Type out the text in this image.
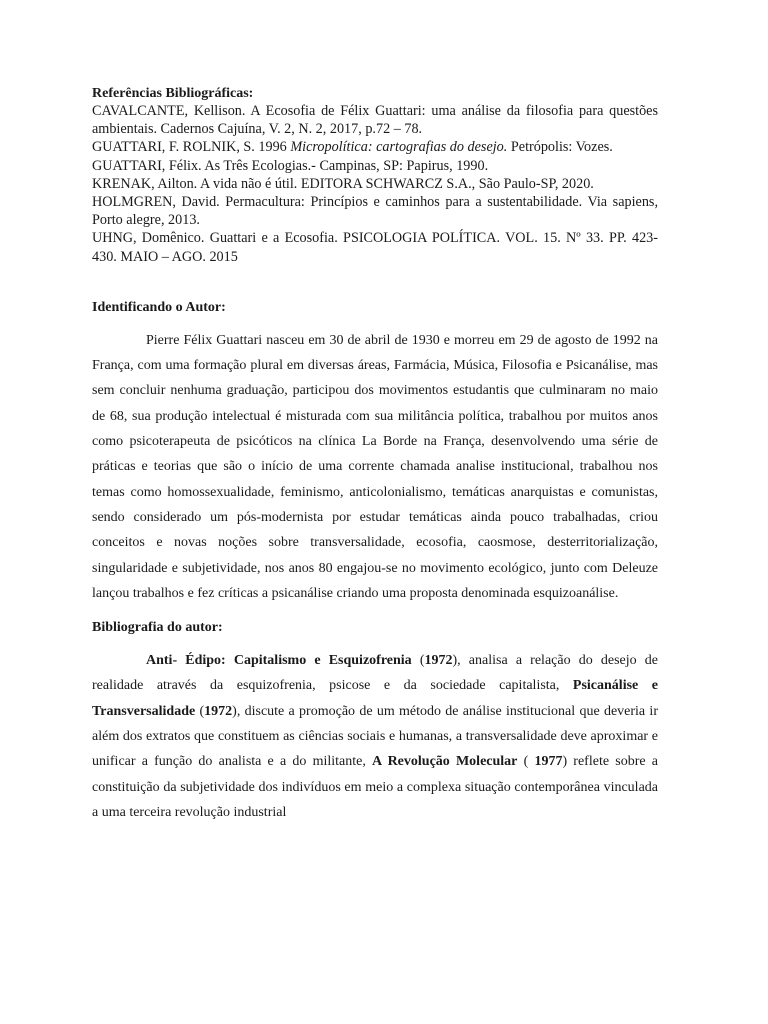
Referências Bibliográficas:

CAVALCANTE, Kellison. A Ecosofia de Félix Guattari: uma análise da filosofia para questões ambientais. Cadernos Cajuína, V. 2, N. 2, 2017, p.72 – 78.

GUATTARI, F. ROLNIK, S. 1996 Micropolítica: cartografias do desejo. Petrópolis: Vozes.

GUATTARI, Félix. As Três Ecologias.- Campinas, SP: Papirus, 1990.

KRENAK, Ailton. A vida não é útil. EDITORA SCHWARCZ S.A., São Paulo-SP, 2020.

HOLMGREN, David. Permacultura: Princípios e caminhos para a sustentabilidade. Via sapiens, Porto alegre, 2013.

UHNG, Domênico. Guattari e a Ecosofia. PSICOLOGIA POLÍTICA. VOL. 15. Nº 33. PP. 423-430. MAIO – AGO. 2015

Identificando o Autor:

Pierre Félix Guattari nasceu em 30 de abril de 1930 e morreu em 29 de agosto de 1992 na França, com uma formação plural em diversas áreas, Farmácia, Música, Filosofia e Psicanálise, mas sem concluir nenhuma graduação, participou dos movimentos estudantis que culminaram no maio de 68, sua produção intelectual é misturada com sua militância política, trabalhou por muitos anos como psicoterapeuta de psicóticos na clínica La Borde na França, desenvolvendo uma série de práticas e teorias que são o início de uma corrente chamada analise institucional, trabalhou nos temas como homossexualidade, feminismo, anticolonialismo, temáticas anarquistas e comunistas, sendo considerado um pós-modernista por estudar temáticas ainda pouco trabalhadas, criou conceitos e novas noções sobre transversalidade, ecosofia, caosmose, desterritorialização, singularidade e subjetividade, nos anos 80 engajou-se no movimento ecológico, junto com Deleuze lançou trabalhos e fez críticas a psicanálise criando uma proposta denominada esquizoanálise.

Bibliografia do autor:

Anti- Édipo: Capitalismo e Esquizofrenia (1972), analisa a relação do desejo de realidade através da esquizofrenia, psicose e da sociedade capitalista, Psicanálise e Transversalidade (1972), discute a promoção de um método de análise institucional que deveria ir além dos extratos que constituem as ciências sociais e humanas, a transversalidade deve aproximar e unificar a função do analista e a do militante, A Revolução Molecular ( 1977) reflete sobre a constituição da subjetividade dos indivíduos em meio a complexa situação contemporânea vinculada a uma terceira revolução industrial
